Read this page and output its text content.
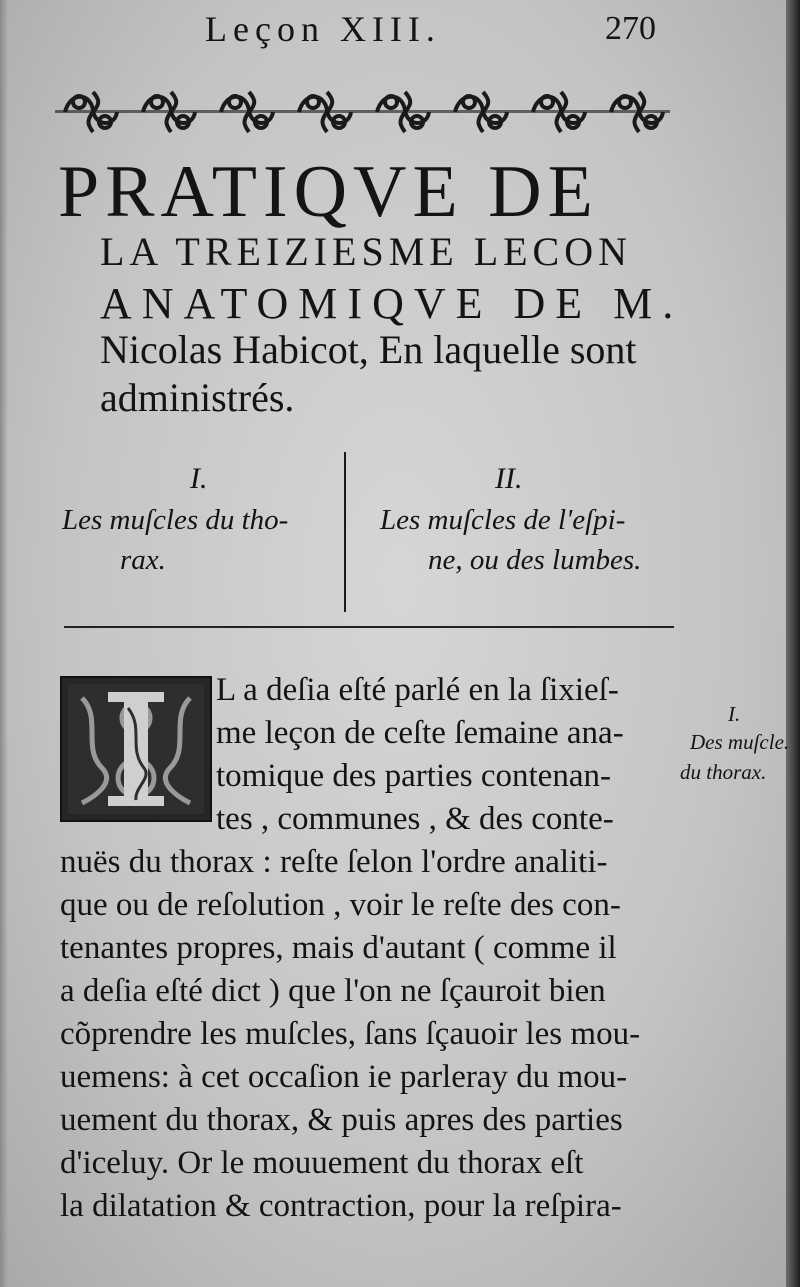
Leçon XIII.	270
PRATIQVE DE
LA TREIZIESME LECON
ANATOMIQVE DE M.
Nicolas Habicot, En laquelle sont
administrés.
I.
Les muſcles du tho-
rax.
II.
Les muſcles de l'eſpi-
ne, ou des lumbes.
L a deſia eſté parlé en la ſixieſ-
me leçon de ceſte ſemaine ana-
tomique des parties contenan-
tes , communes , & des conte-
nuës du thorax : reſte ſelon l'ordre analiti-
que ou de reſolution , voir le reſte des con-
tenantes propres, mais d'autant ( comme il
a deſia eſté dict ) que l'on ne ſçauroit bien
cõprendre les muſcles, ſans ſçauoir les mou-
uemens: à cet occaſion ie parleray du mou-
uement du thorax, & puis apres des parties
d'iceluy. Or le mouuement du thorax eſt
la dilatation & contraction, pour la reſpira-
I.
Des muſcle.
du thorax.
